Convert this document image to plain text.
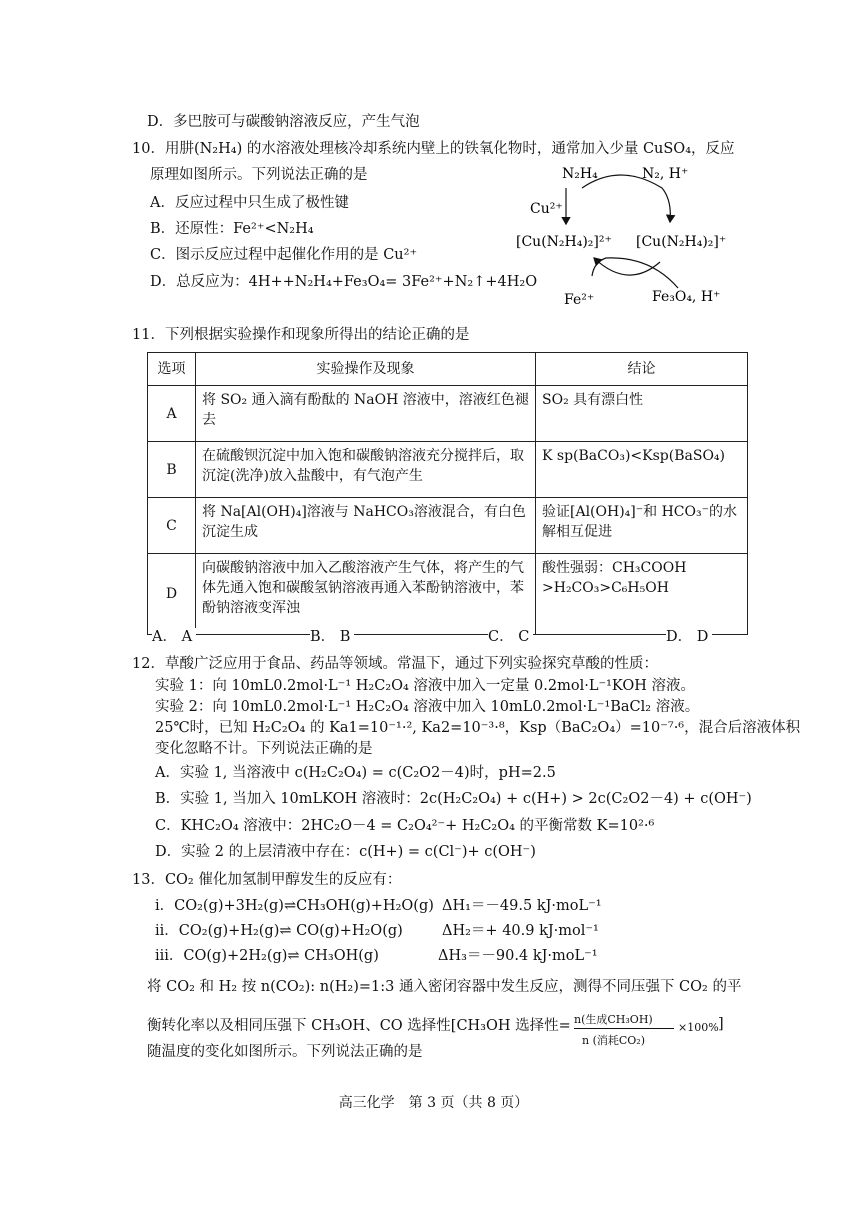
D．多巴胺可与碳酸钠溶液反应，产生气泡
10．用肼(N₂H₄) 的水溶液处理核冷却系统内壁上的铁氧化物时，通常加入少量 CuSO₄，反应
原理如图所示。下列说法正确的是
A．反应过程中只生成了极性键
B．还原性：Fe²⁺<N₂H₄
C．图示反应过程中起催化作用的是 Cu²⁺
D．总反应为：4H++N₂H₄+Fe₃O₄= 3Fe²⁺+N₂↑+4H₂O
N₂H₄	N₂, H⁺
Cu²⁺
[Cu(N₂H₄)₂]²⁺ [Cu(N₂H₄)₂]⁺
Fe²⁺	Fe₃O₄, H⁺
11．下列根据实验操作和现象所得出的结论正确的是
选项	实验操作及现象	结论
A	将 SO₂ 通入滴有酚酞的 NaOH 溶液中，溶液红色褪去	SO₂ 具有漂白性
B	在硫酸钡沉淀中加入饱和碳酸钠溶液充分搅拌后，取沉淀(洗净)放入盐酸中，有气泡产生	K sp(BaCO₃)<Ksp(BaSO₄)
C	将 Na[Al(OH)₄]溶液与 NaHCO₃溶液混合，有白色沉淀生成	验证[Al(OH)₄]⁻和 HCO₃⁻的水解相互促进
D	向碳酸钠溶液中加入乙酸溶液产生气体，将产生的气体先通入饱和碳酸氢钠溶液再通入苯酚钠溶液中，苯酚钠溶液变浑浊	酸性强弱：CH₃COOH >H₂CO₃>C₆H₅OH
A． A	B． B	C． C	D． D
12．草酸广泛应用于食品、药品等领域。常温下，通过下列实验探究草酸的性质：
实验 1：向 10mL0.2mol·L⁻¹ H₂C₂O₄ 溶液中加入一定量 0.2mol·L⁻¹KOH 溶液。
实验 2：向 10mL0.2mol·L⁻¹ H₂C₂O₄ 溶液中加入 10mL0.2mol·L⁻¹BaCl₂ 溶液。
25℃时，已知 H₂C₂O₄ 的 Ka1=10⁻¹·², Ka2=10⁻³·⁸，Ksp（BaC₂O₄）=10⁻⁷·⁶，混合后溶液体积
变化忽略不计。下列说法正确的是
A．实验 1, 当溶液中 c(H₂C₂O₄) = c(C₂O2－4)时，pH=2.5
B．实验 1, 当加入 10mLKOH 溶液时：2c(H₂C₂O₄) + c(H+) > 2c(C₂O2－4) + c(OH⁻)
C．KHC₂O₄ 溶液中：2HC₂O－4 = C₂O₄²⁻+ H₂C₂O₄ 的平衡常数 K=10²·⁶
D．实验 2 的上层清液中存在：c(H+) = c(Cl⁻)+ c(OH⁻)
13．CO₂ 催化加氢制甲醇发生的反应有：
i．CO₂(g)+3H₂(g)⇌CH₃OH(g)+H₂O(g) ΔH₁＝－49.5 kJ·moL⁻¹
ii．CO₂(g)+H₂(g)⇌ CO(g)+H₂O(g)	ΔH₂＝+ 40.9 kJ·mol⁻¹
iii．CO(g)+2H₂(g)⇌ CH₃OH(g)	ΔH₃＝－90.4 kJ·moL⁻¹
将 CO₂ 和 H₂ 按 n(CO₂): n(H₂)=1:3 通入密闭容器中发生反应，测得不同压强下 CO₂ 的平
衡转化率以及相同压强下 CH₃OH、CO 选择性[CH₃OH 选择性= n(生成CH₃OH)
n (消耗CO₂)
×100% ]
随温度的变化如图所示。下列说法正确的是
高三化学　第 3 页（共 8 页）
